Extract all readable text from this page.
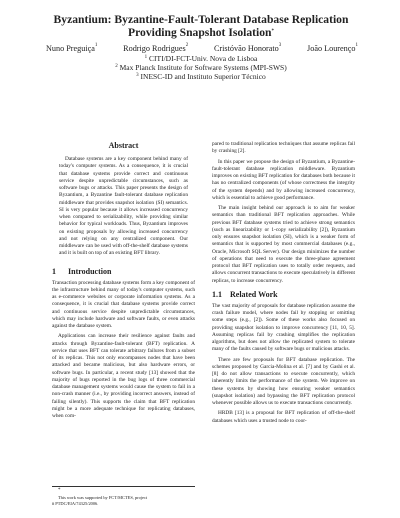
Byzantium: Byzantine-Fault-Tolerant Database Replication Providing Snapshot Isolation*
Nuno Preguiça$^1$	Rodrigo Rodrigues$^2$	Cristóvão Honorato$^3$	João Lourenço$^1$
$^1$ CITI/DI-FCT-Univ. Nova de Lisboa
$^2$ Max Planck Institute for Software Systems (MPI-SWS)
$^3$ INESC-ID and Instituto Superior Técnico
Abstract

Database systems are a key component behind many of today's computer systems. As a consequence, it is crucial that database systems provide correct and continuous service despite unpredictable circumstances, such as software bugs or attacks. This paper presents the design of Byzantium, a Byzantine fault-tolerant database replication middleware that provides snapshot isolation (SI) semantics. SI is very popular because it allows increased concurrency when compared to serializability, while providing similar behavior for typical workloads. Thus, Byzantium improves on existing proposals by allowing increased concurrency and not relying on any centralized component. Our middleware can be used with off-the-shelf database systems and it is built on top of an existing BFT library.

1 Introduction

Transaction processing database systems form a key component of the infrastructure behind many of today's computer systems, such as e-commerce websites or corporate information systems. As a consequence, it is crucial that database systems provide correct and continuous service despite unpredictable circumstances, which may include hardware and software faults, or even attacks against the database system.

Applications can increase their resilience against faults and attacks through Byzantine-fault-tolerant (BFT) replication. A service that uses BFT can tolerate arbitrary failures from a subset of its replicas. This not only encompasses nodes that have been attacked and became malicious, but also hardware errors, or software bugs. In particular, a recent study [13] showed that the majority of bugs reported in the bug logs of three commercial database management systems would cause the system to fail in a non-crash manner (i.e., by providing incorrect answers, instead of failing silently). This supports the claim that BFT replication might be a more adequate technique for replicating databases, when com-

pared to traditional replication techniques that assume replicas fail by crashing [2].

In this paper we propose the design of Byzantium, a Byzantine-fault-tolerant database replication middleware. Byzantium improves on existing BFT replication for databases both because it has no centralized components (of whose correctness the integrity of the system depends) and by allowing increased concurrency, which is essential to achieve good performance.

The main insight behind our approach is to aim for weaker semantics than traditional BFT replication approaches. While previous BFT database systems tried to achieve strong semantics (such as linearizability or 1-copy serializability [2]), Byzantium only ensures snapshot isolation (SI), which is a weaker form of semantics that is supported by most commercial databases (e.g., Oracle, Microsoft SQL Server). Our design minimizes the number of operations that need to execute the three-phase agreement protocol that BFT replication uses to totally order requests, and allows concurrent transactions to execute speculatively in different replicas, to increase concurrency.

1.1 Related Work

The vast majority of proposals for database replication assume the crash failure model, where nodes fail by stopping or omitting some steps (e.g., [2]). Some of these works also focused on providing snapshot isolation to improve concurrency [11, 10, 5]. Assuming replicas fail by crashing simplifies the replication algorithms, but does not allow the replicated system to tolerate many of the faults caused by software bugs or malicious attacks.

There are few proposals for BFT database replication. The schemes proposed by Garcia-Molina et al. [7] and by Gashi et al. [8] do not allow transactions to execute concurrently, which inherently limits the performance of the system. We improve on these systems by showing how ensuring weaker semantics (snapshot isolation) and bypassing the BFT replication protocol whenever possible allows us to execute transactions concurrently.

HRDB [13] is a proposal for BFT replication of off-the-shelf databases which uses a trusted node to coor-

*
This work was supported by FCT/MCTES, project
# PTDC/EIA/74325/2006.
